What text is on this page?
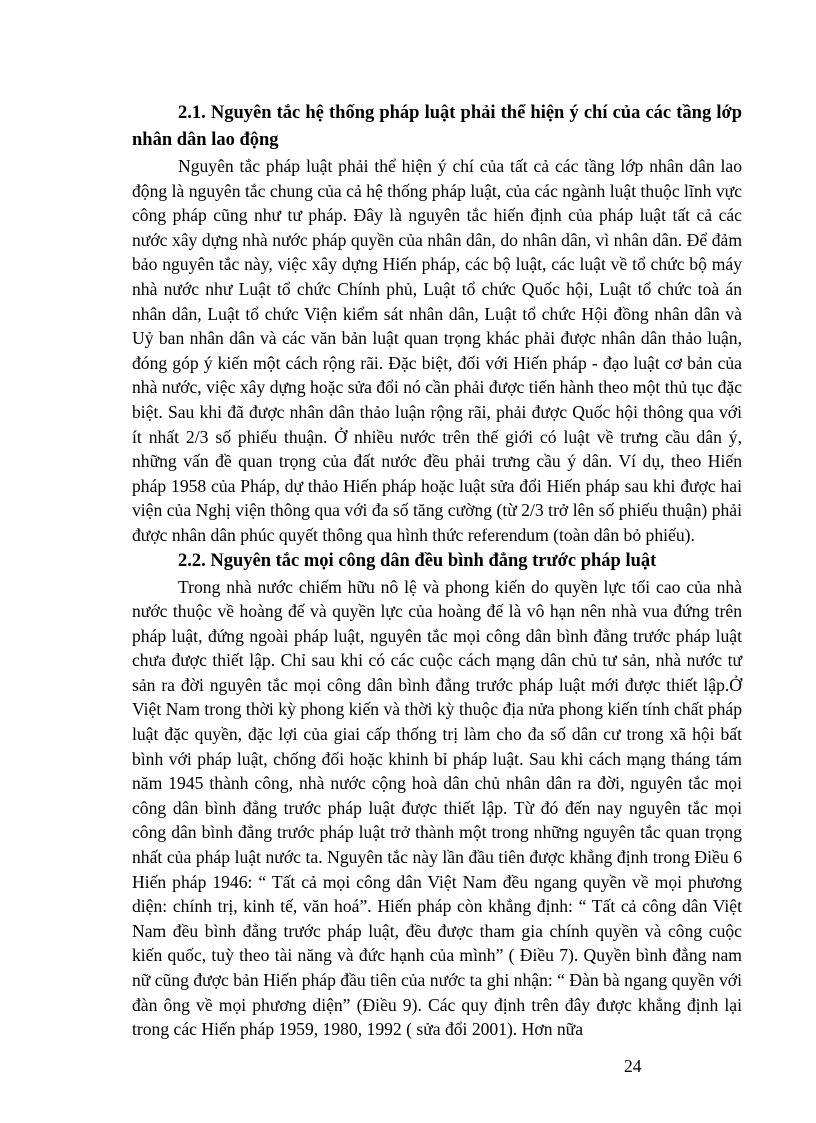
2.1. Nguyên tắc hệ thống pháp luật phải thể hiện ý chí của các tầng lớp nhân dân lao động

Nguyên tắc pháp luật phải thể hiện ý chí của tất cả các tầng lớp nhân dân lao động là nguyên tắc chung của cả hệ thống pháp luật, của các ngành luật thuộc lĩnh vực công pháp cũng như tư pháp. Đây là nguyên tắc hiến định của pháp luật tất cả các nước xây dựng nhà nước pháp quyền của nhân dân, do nhân dân, vì nhân dân. Để đảm bảo nguyên tắc này, việc xây dựng Hiến pháp, các bộ luật, các luật về tổ chức bộ máy nhà nước như Luật tổ chức Chính phủ, Luật tổ chức Quốc hội, Luật tổ chức toà án nhân dân, Luật tổ chức Viện kiểm sát nhân dân, Luật tổ chức Hội đồng nhân dân và Uỷ ban nhân dân và các văn bản luật quan trọng khác phải được nhân dân thảo luận, đóng góp ý kiến một cách rộng rãi. Đặc biệt, đối với Hiến pháp - đạo luật cơ bản của nhà nước, việc xây dựng hoặc sửa đổi nó cần phải được tiến hành theo một thủ tục đặc biệt. Sau khi đã được nhân dân thảo luận rộng rãi, phải được Quốc hội thông qua với ít nhất 2/3 số phiếu thuận. Ở nhiều nước trên thế giới có luật về trưng cầu dân ý, những vấn đề quan trọng của đất nước đều phải trưng cầu ý dân. Ví dụ, theo Hiến pháp 1958 của Pháp, dự thảo Hiến pháp hoặc luật sửa đổi Hiến pháp sau khi được hai viện của Nghị viện thông qua với đa số tăng cường (từ 2/3 trở lên số phiếu thuận) phải được nhân dân phúc quyết thông qua hình thức referendum (toàn dân bỏ phiếu).

2.2. Nguyên tắc mọi công dân đều bình đẳng trước pháp luật

Trong nhà nước chiếm hữu nô lệ và phong kiến do quyền lực tối cao của nhà nước thuộc về hoàng đế và quyền lực của hoàng đế là vô hạn nên nhà vua đứng trên pháp luật, đứng ngoài pháp luật, nguyên tắc mọi công dân bình đẳng trước pháp luật chưa được thiết lập. Chỉ sau khi có các cuộc cách mạng dân chủ tư sản, nhà nước tư sản ra đời nguyên tắc mọi công dân bình đẳng trước pháp luật mới được thiết lập.Ở Việt Nam trong thời kỳ phong kiến và thời kỳ thuộc địa nửa phong kiến tính chất pháp luật đặc quyền, đặc lợi của giai cấp thống trị làm cho đa số dân cư trong xã hội bất bình với pháp luật, chống đối hoặc khinh bỉ pháp luật. Sau khi cách mạng tháng tám năm 1945 thành công, nhà nước cộng hoà dân chủ nhân dân ra đời, nguyên tắc mọi công dân bình đẳng trước pháp luật được thiết lập. Từ đó đến nay nguyên tắc mọi công dân bình đẳng trước pháp luật trở thành một trong những nguyên tắc quan trọng nhất của pháp luật nước ta. Nguyên tắc này lần đầu tiên được khẳng định trong Điều 6 Hiến pháp 1946: “ Tất cả mọi công dân Việt Nam đều ngang quyền về mọi phương diện: chính trị, kinh tế, văn hoá”. Hiến pháp còn khẳng định: “ Tất cả công dân Việt Nam đều bình đẳng trước pháp luật, đều được tham gia chính quyền và công cuộc kiến quốc, tuỳ theo tài năng và đức hạnh của mình” ( Điều 7). Quyền bình đẳng nam nữ cũng được bản Hiến pháp đầu tiên của nước ta ghi nhận: “ Đàn bà ngang quyền với đàn ông về mọi phương diện” (Điều 9). Các quy định trên đây được khẳng định lại trong các Hiến pháp 1959, 1980, 1992 ( sửa đổi 2001). Hơn nữa

24
